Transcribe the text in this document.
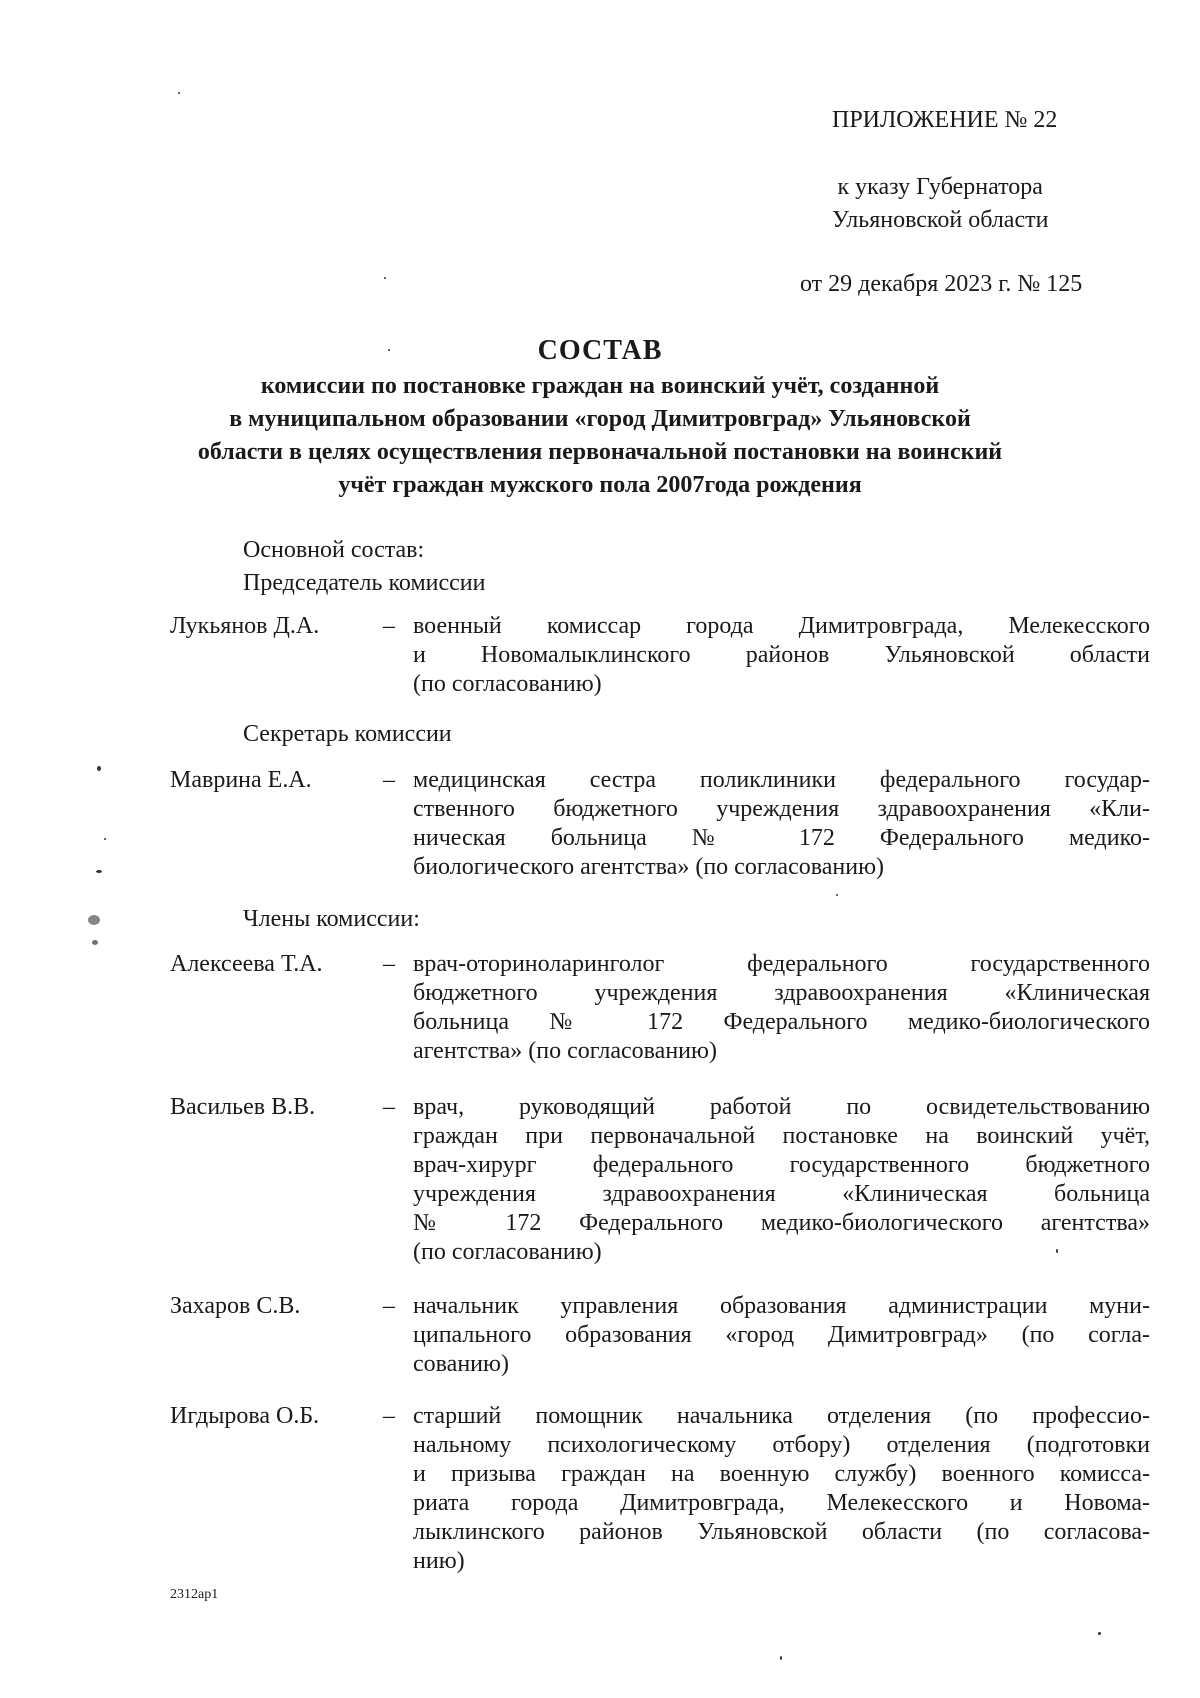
ПРИЛОЖЕНИЕ № 22
к указу Губернатора
Ульяновской области
от 29 декабря 2023 г. № 125
СОСТАВ
комиссии по постановке граждан на воинский учёт, созданной
в муниципальном образовании «город Димитровград» Ульяновской
области в целях осуществления первоначальной постановки на воинский
учёт граждан мужского пола 2007года рождения
Основной состав:
Председатель комиссии
Лукьянов Д.А.	– военный комиссар города Димитровграда, Мелекесского
и Новомалыклинского районов Ульяновской области
(по согласованию)
Секретарь комиссии
Маврина Е.А.	– медицинская сестра поликлиники федерального государ-
ственного бюджетного учреждения здравоохранения «Кли-
ническая больница № 172 Федерального медико-
биологического агентства» (по согласованию)
Члены комиссии:
Алексеева Т.А.	– врач-оториноларинголог федерального государственного
бюджетного учреждения здравоохранения «Клиническая
больница № 172 Федерального медико-биологического
агентства» (по согласованию)
Васильев В.В.	– врач, руководящий работой по освидетельствованию
граждан при первоначальной постановке на воинский учёт,
врач-хирург федерального государственного бюджетного
учреждения здравоохранения «Клиническая больница
№ 172 Федерального медико-биологического агентства»
(по согласованию)
Захаров С.В.	– начальник управления образования администрации муни-
ципального образования «город Димитровград» (по согла-
сованию)
Игдырова О.Б.	– старший помощник начальника отделения (по профессио-
нальному психологическому отбору) отделения (подготовки
и призыва граждан на военную службу) военного комисса-
риата города Димитровграда, Мелекесского и Новома-
лыклинского районов Ульяновской области (по согласова-
нию)
2312ap1
